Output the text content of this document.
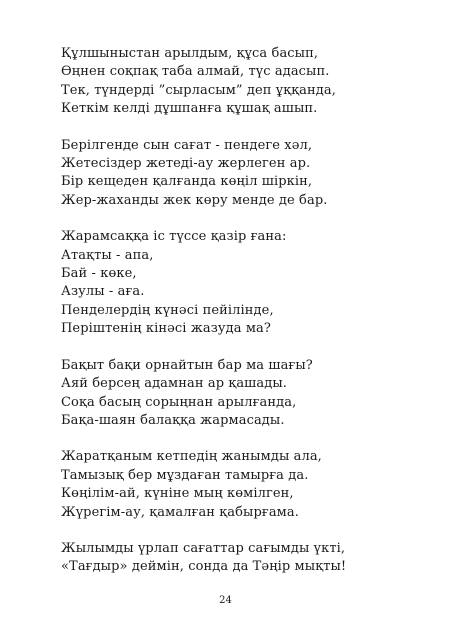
Құлшыныстан арылдым, құса басып,
Өңнен соқпақ таба алмай, түс адасып.
Тек, түндерді ”сырласым” деп ұққанда,
Кеткім келді дұшпанға құшақ ашып.
Берілгенде сын сағат - пендеге хәл,
Жетесіздер жетеді-ау жерлеген ар.
Бір кещеден қалғанда көңіл шіркін,
Жер-жаханды жек көру менде де бар.
Жарамсаққа іс түссе қазір ғана:
Атақты - апа,
Бай - көке,
Азулы - аға.
Пенделердің күнәсі пейілінде,
Періштенің кінәсі жазуда ма?
Бақыт бақи орнайтын бар ма шағы?
Аяй берсең адамнан ар қашады.
Соқа басың сорыңнан арылғанда,
Бақа-шаян балаққа жармасады.
Жаратқаным кетпедің жанымды ала,
Тамызық бер мұздаған тамырға да.
Көңілім-ай, күніне мың көмілген,
Жүрегім-ау, қамалған қабырғама.
Жылымды үрлап сағаттар сағымды үкті,
«Тағдыр» деймін, сонда да Тәңір мықты!
24
